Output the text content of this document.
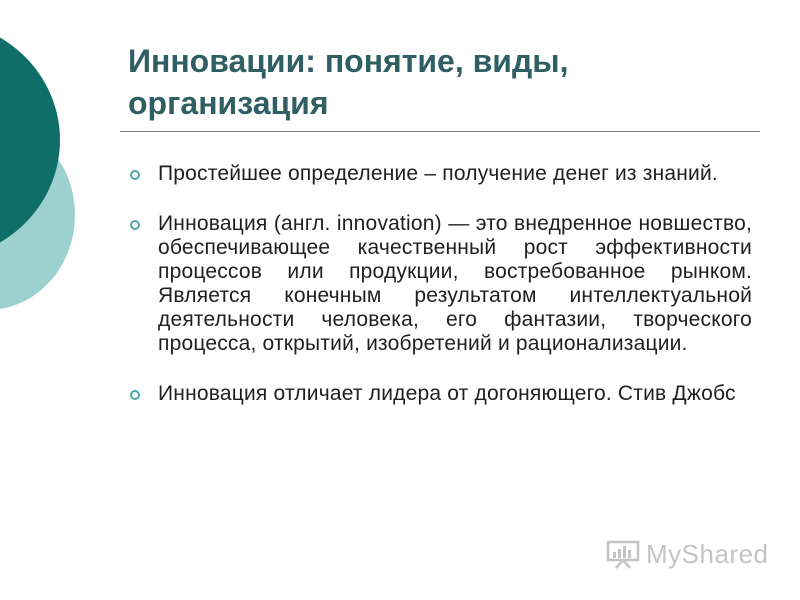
Инновации: понятие, виды, организация
Простейшее определение – получение денег из знаний.
Инновация (англ. innovation) — это внедренное новшество, обеспечивающее качественный рост эффективности процессов или продукции, востребованное рынком. Является конечным результатом интеллектуальной деятельности человека, его фантазии, творческого процесса, открытий, изобретений и рационализации.
Инновация отличает лидера от догоняющего. Стив Джобс
MyShared
